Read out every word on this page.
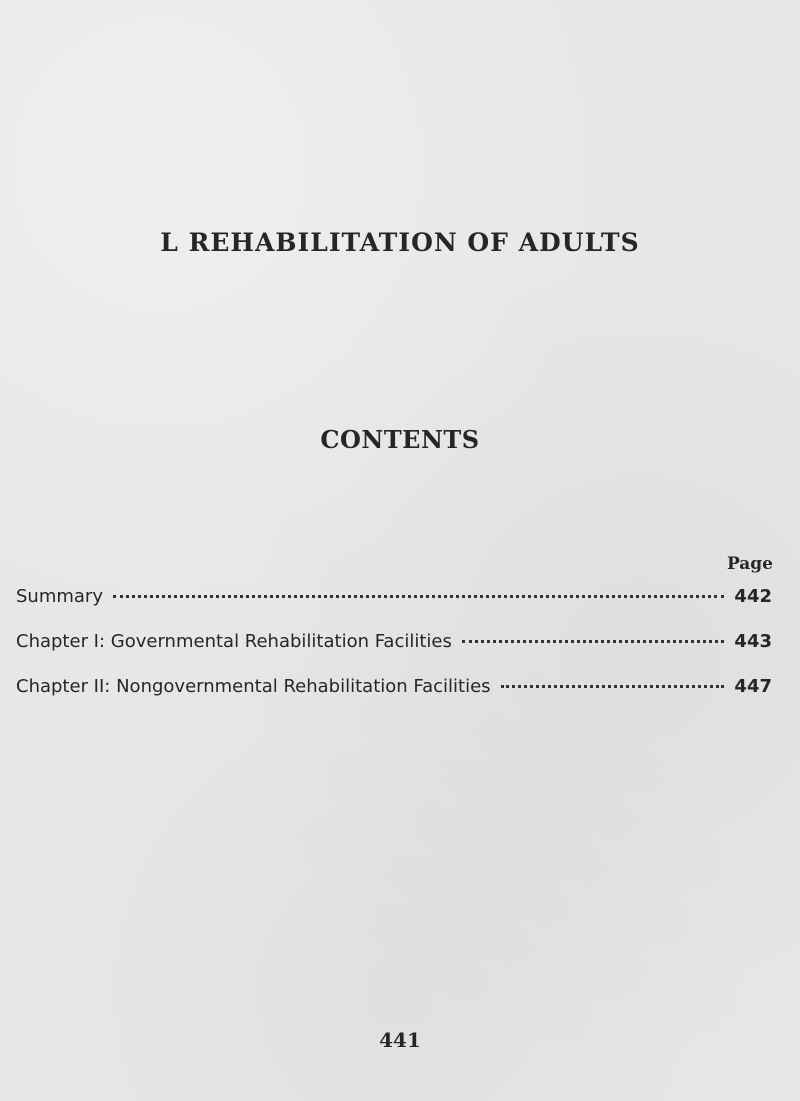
L REHABILITATION OF ADULTS
CONTENTS
Page
Summary	442
Chapter I: Governmental Rehabilitation Facilities	443
Chapter II: Nongovernmental Rehabilitation Facilities	447
441
